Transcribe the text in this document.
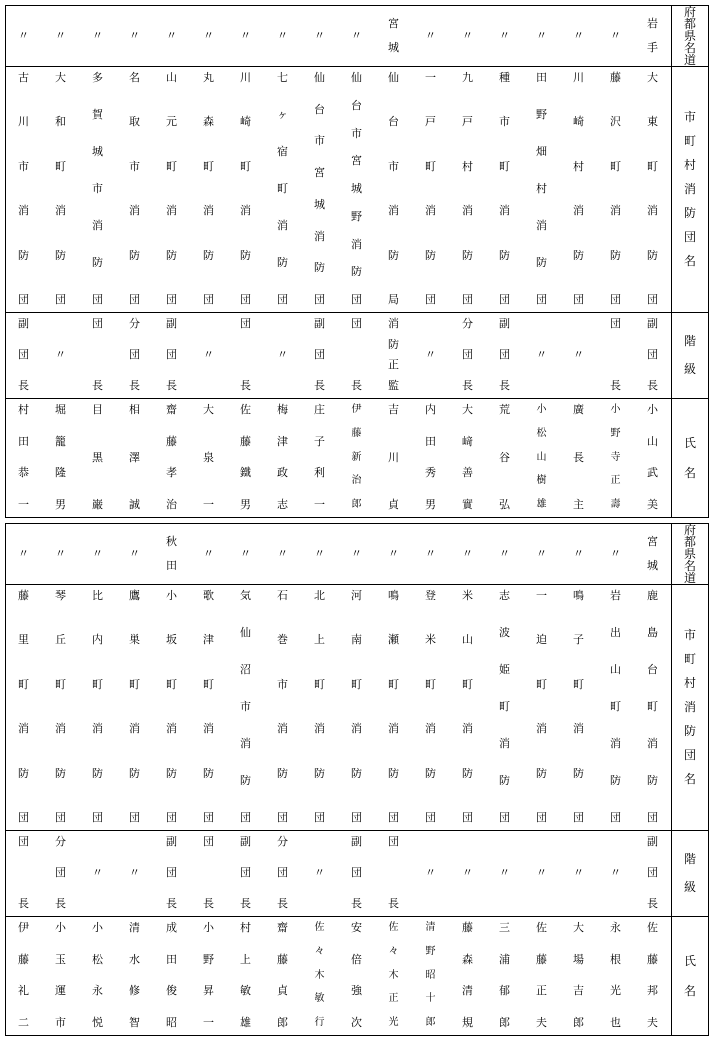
府
都
県
名
道
市
町
村
消
防
団
名
階
級
氏
名
岩
手
大
東
町
消
防
団
副
団
長
小
山
武
美
〃
藤
沢
町
消
防
団
団
長
小
野
寺
正
壽
〃
川
崎
村
消
防
団
〃
廣
長
主
〃
田
野
畑
村
消
防
団
〃
小
松
山
樹
雄
〃
種
市
町
消
防
団
副
団
長
荒
谷
弘
〃
九
戸
村
消
防
団
分
団
長
大
﨑
善
實
〃
一
戸
町
消
防
団
〃
内
田
秀
男
宮
城
仙
台
市
消
防
局
消
防
正
監
吉
川
貞
〃
仙
台
市
宮
城
野
消
防
団
団
長
伊
藤
新
治
郎
〃
仙
台
市
宮
城
消
防
団
副
団
長
庄
子
利
一
〃
七
ヶ
宿
町
消
防
団
〃
梅
津
政
志
〃
川
崎
町
消
防
団
団
長
佐
藤
鐵
男
〃
丸
森
町
消
防
団
〃
大
泉
一
〃
山
元
町
消
防
団
副
団
長
齋
藤
孝
治
〃
名
取
市
消
防
団
分
団
長
相
澤
誠
〃
多
賀
城
市
消
防
団
団
長
目
黒
巌
〃
大
和
町
消
防
団
〃
堀
籠
隆
男
〃
古
川
市
消
防
団
副
団
長
村
田
恭
一
府
都
県
名
道
市
町
村
消
防
団
名
階
級
氏
名
宮
城
鹿
島
台
町
消
防
団
副
団
長
佐
藤
邦
夫
〃
岩
出
山
町
消
防
団
〃
永
根
光
也
〃
鳴
子
町
消
防
団
〃
大
場
吉
郎
〃
一
迫
町
消
防
団
〃
佐
藤
正
夫
〃
志
波
姫
町
消
防
団
〃
三
浦
郁
郎
〃
米
山
町
消
防
団
〃
藤
森
清
規
〃
登
米
町
消
防
団
〃
清
野
昭
十
郎
〃
鳴
瀬
町
消
防
団
団
長
佐
々
木
正
光
〃
河
南
町
消
防
団
副
団
長
安
倍
強
次
〃
北
上
町
消
防
団
〃
佐
々
木
敏
行
〃
石
巻
市
消
防
団
分
団
長
齋
藤
貞
郎
〃
気
仙
沼
市
消
防
団
副
団
長
村
上
敏
雄
〃
歌
津
町
消
防
団
団
長
小
野
昇
一
秋
田
小
坂
町
消
防
団
副
団
長
成
田
俊
昭
〃
鷹
巣
町
消
防
団
〃
清
水
修
智
〃
比
内
町
消
防
団
〃
小
松
永
悦
〃
琴
丘
町
消
防
団
分
団
長
小
玉
運
市
〃
藤
里
町
消
防
団
団
長
伊
藤
礼
二
